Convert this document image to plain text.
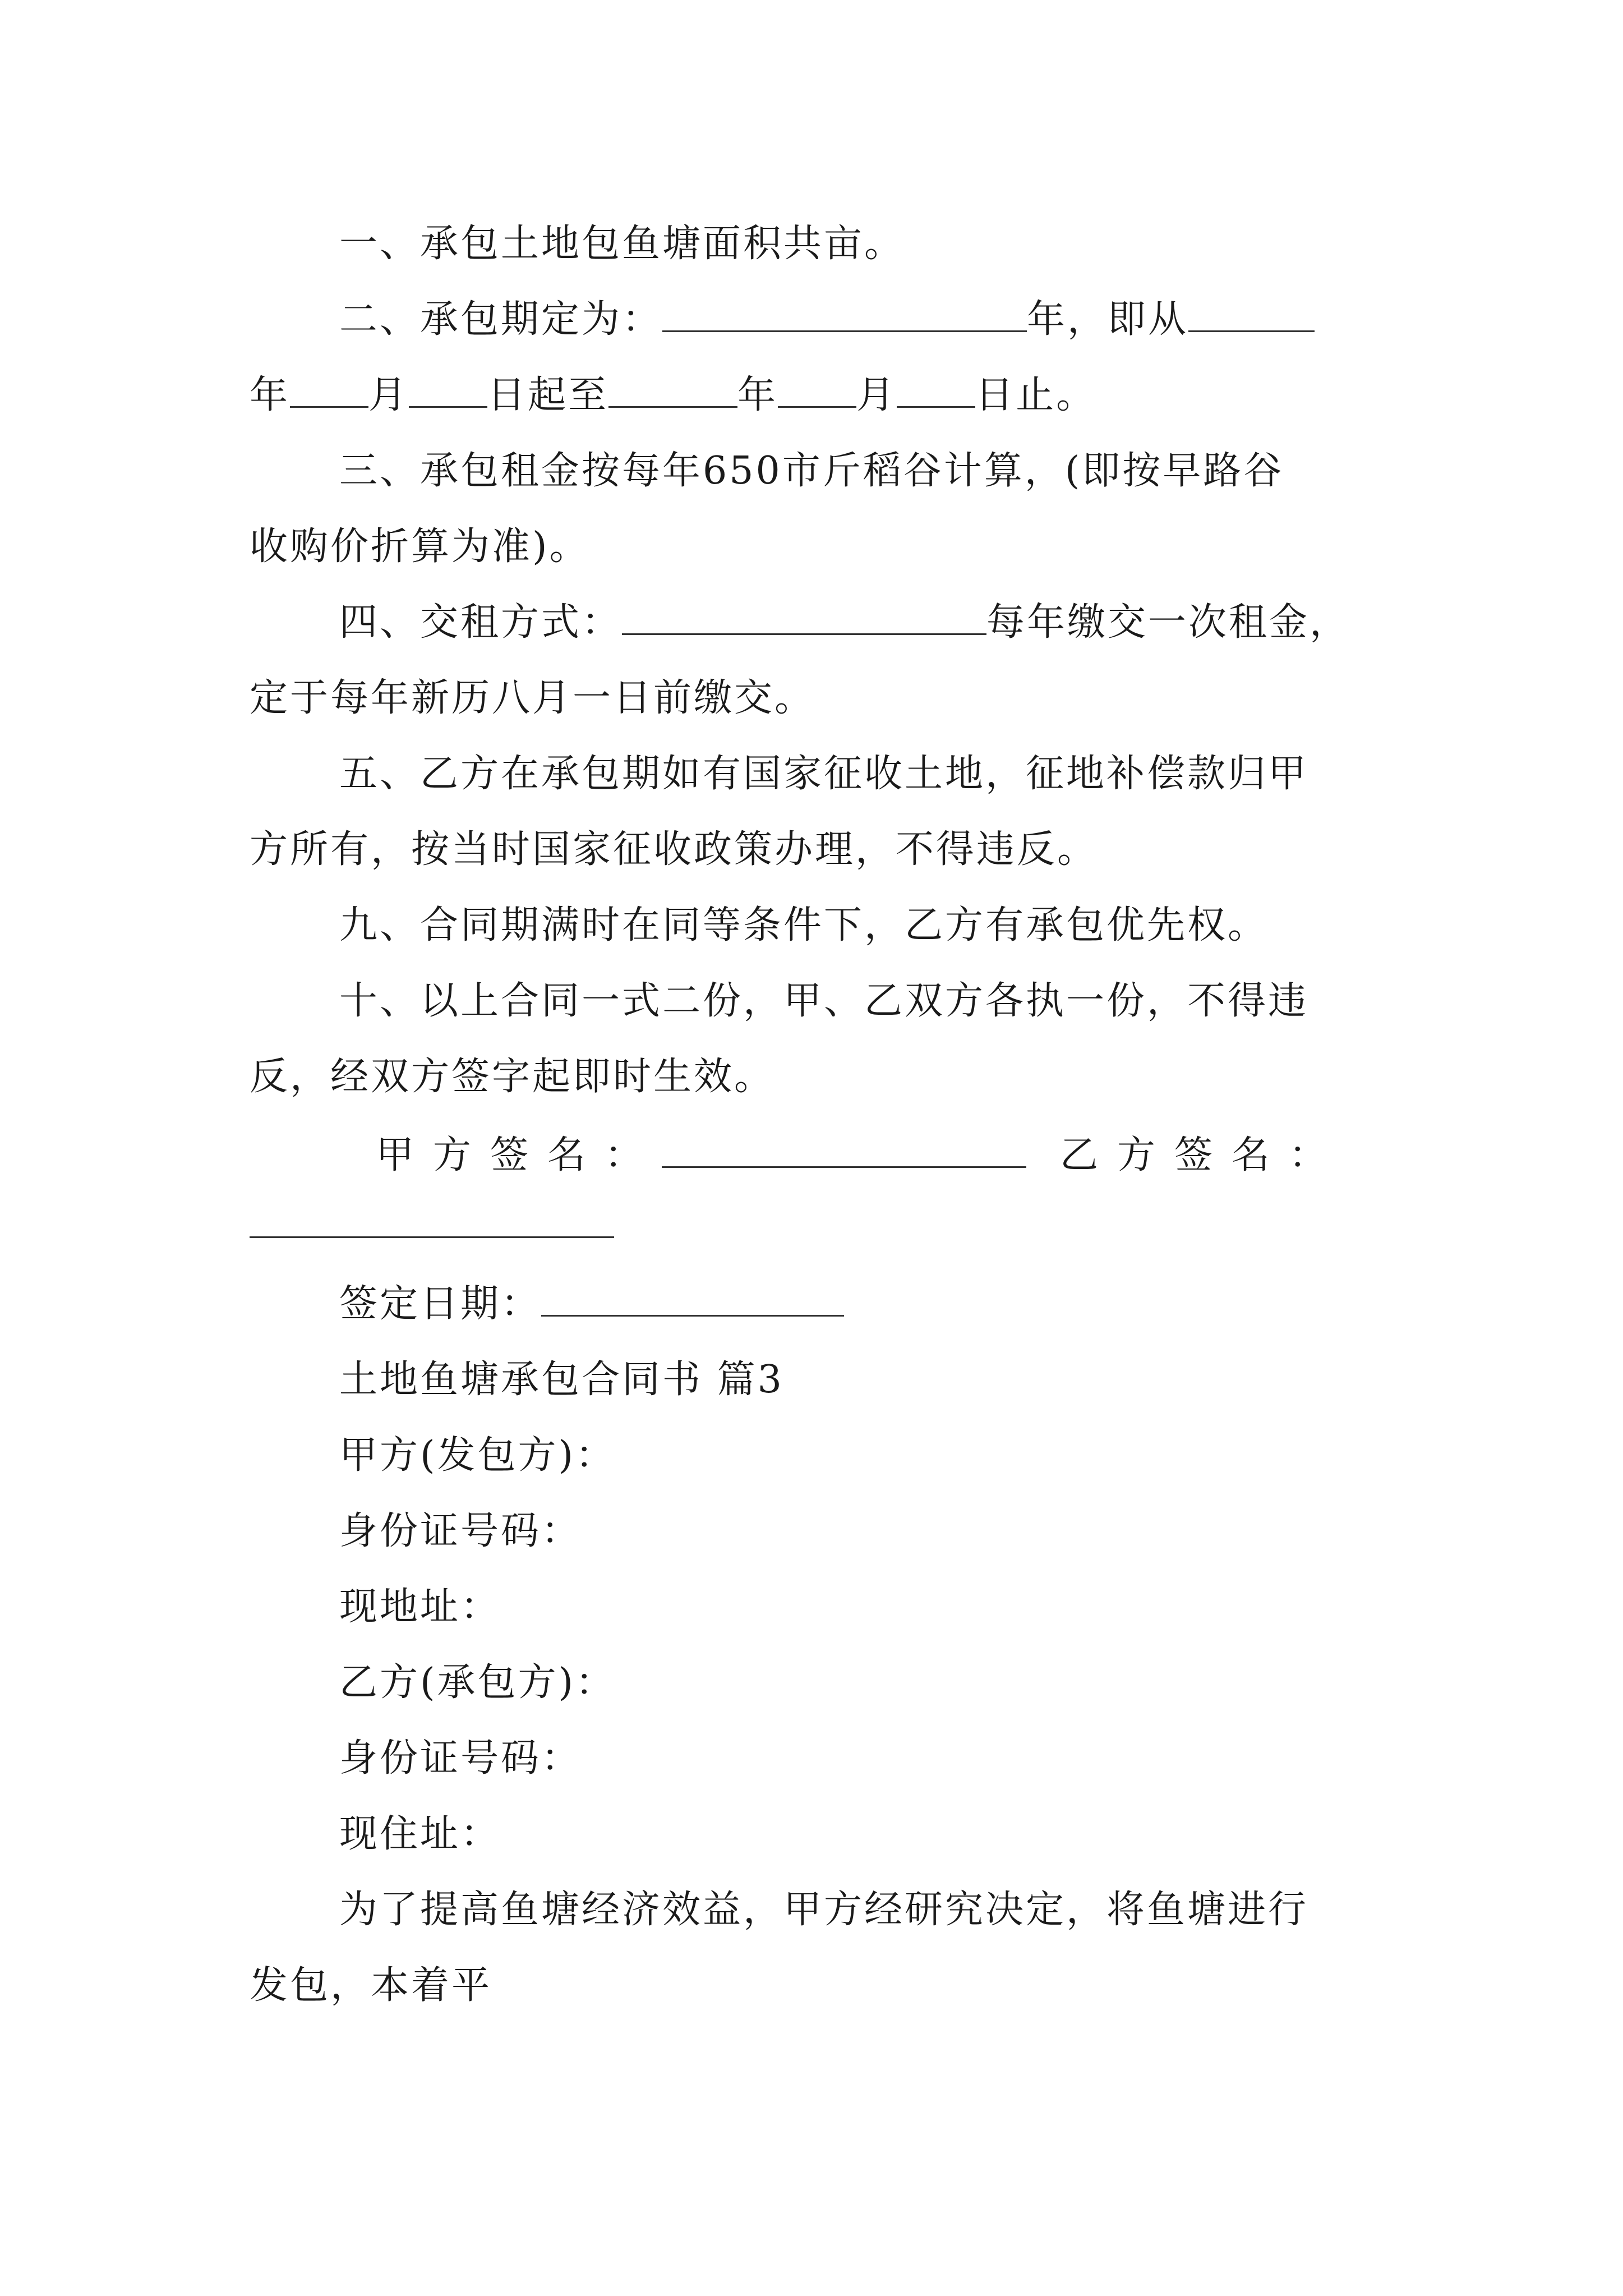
一、承包土地包鱼塘面积共亩。
二、承包期定为：	年，即从
年 月 日起至	年 月 日止。
三、承包租金按每年650市斤稻谷计算，(即按早路谷
收购价折算为准)。
四、交租方式：	每年缴交一次租金，
定于每年新历八月一日前缴交。
五、乙方在承包期如有国家征收土地，征地补偿款归甲
方所有，按当时国家征收政策办理，不得违反。
九、合同期满时在同等条件下，乙方有承包优先权。
十、以上合同一式二份，甲、乙双方各执一份，不得违
反，经双方签字起即时生效。
甲方签名：	乙方签名：
签定日期：
土地鱼塘承包合同书 篇3
甲方(发包方)：
身份证号码：
现地址：
乙方(承包方)：
身份证号码：
现住址：
为了提高鱼塘经济效益，甲方经研究决定，将鱼塘进行
发包，本着平
